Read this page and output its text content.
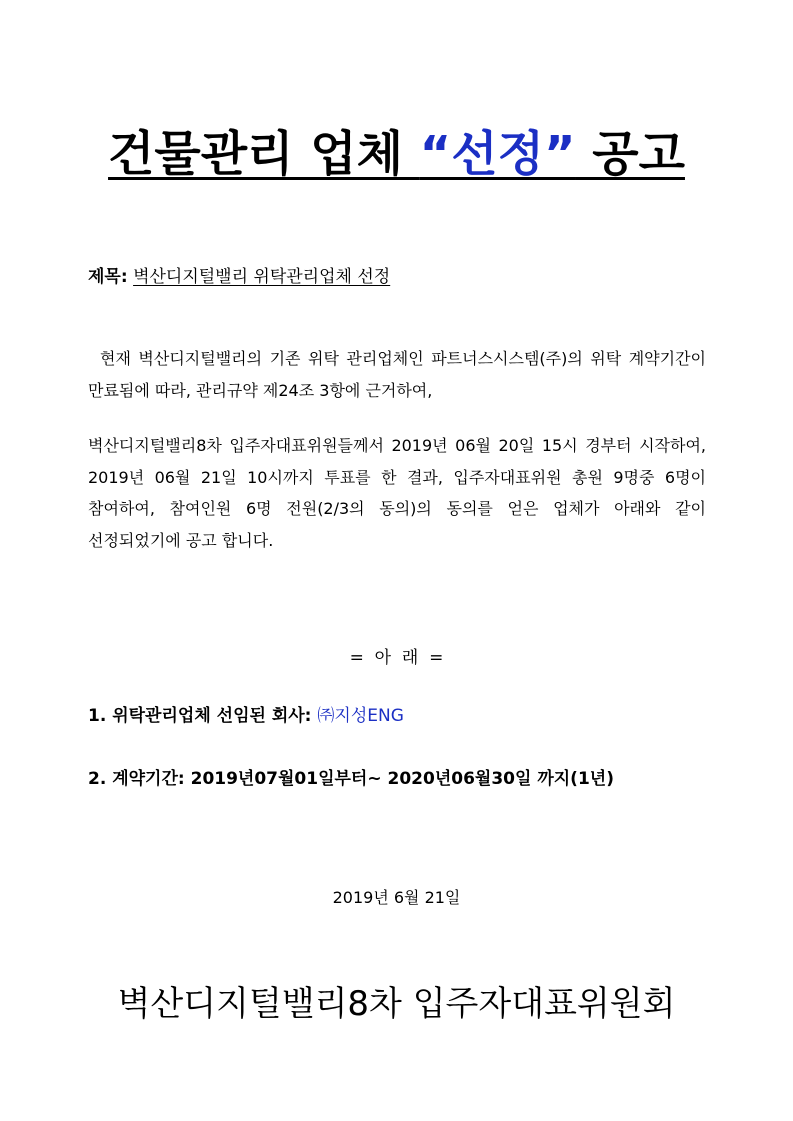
건물관리 업체 “선정” 공고
제목: 벽산디지털밸리 위탁관리업체 선정
현재 벽산디지털밸리의 기존 위탁 관리업체인 파트너스시스템(주)의 위탁 계약기간이 만료됨에 따라, 관리규약 제24조 3항에 근거하여,
벽산디지털밸리8차 입주자대표위원들께서 2019년 06월 20일 15시 경부터 시작하여, 2019년 06월 21일 10시까지 투표를 한 결과, 입주자대표위원 총원 9명중 6명이 참여하여, 참여인원 6명 전원(2/3의 동의)의 동의를 얻은 업체가 아래와 같이 선정되었기에 공고 합니다.
=  아  래  =
1. 위탁관리업체 선임된 회사: ㈜지성ENG
2. 계약기간: 2019년07월01일부터~ 2020년06월30일 까지(1년)
2019년 6월 21일
벽산디지털밸리8차 입주자대표위원회
